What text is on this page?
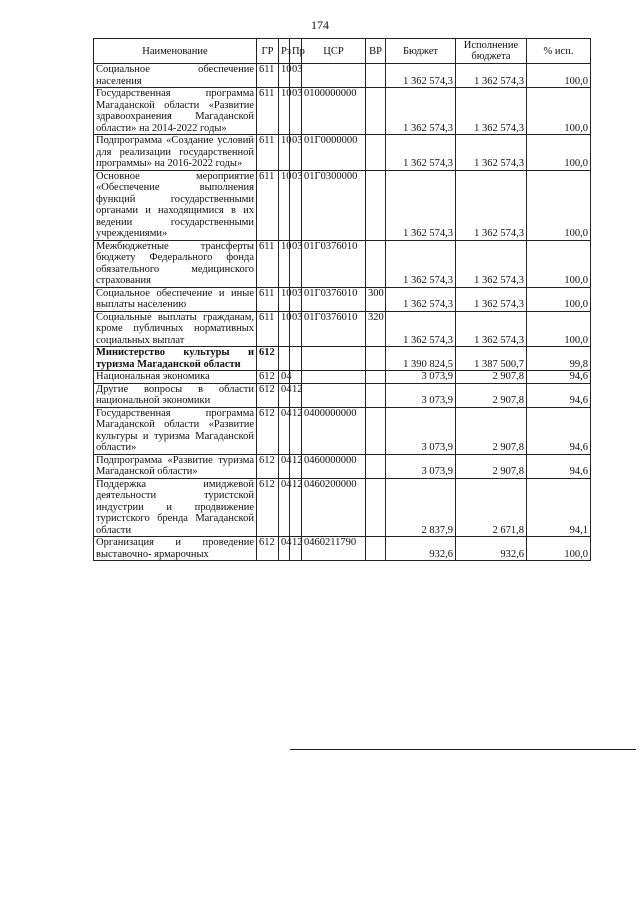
174
Наименование	ГР	Рз	Пр	ЦСР	ВР	Бюджет	Исполнение бюджета	% исп.
Социальное обеспечение населения	611	10	03			1 362 574,3	1 362 574,3	100,0
Государственная программа Магаданской области «Развитие здравоохранения Магаданской области» на 2014-2022 годы»	611	10	03	0100000000		1 362 574,3	1 362 574,3	100,0
Подпрограмма «Создание условий для реализации государственной программы» на 2016-2022 годы»	611	10	03	01Г0000000		1 362 574,3	1 362 574,3	100,0
Основное мероприятие «Обеспечение выполнения функций государственными органами и находящимися в их ведении государственными учреждениями»	611	10	03	01Г0300000		1 362 574,3	1 362 574,3	100,0
Межбюджетные трансферты бюджету Федерального фонда обязательного медицинского страхования	611	10	03	01Г0376010		1 362 574,3	1 362 574,3	100,0
Социальное обеспечение и иные выплаты населению	611	10	03	01Г0376010	300	1 362 574,3	1 362 574,3	100,0
Социальные выплаты гражданам, кроме публичных нормативных социальных выплат	611	10	03	01Г0376010	320	1 362 574,3	1 362 574,3	100,0
Министерство культуры и туризма Магаданской области	612					1 390 824,5	1 387 500,7	99,8
Национальная экономика	612	04				3 073,9	2 907,8	94,6
Другие вопросы в области национальной экономики	612	04	12			3 073,9	2 907,8	94,6
Государственная программа Магаданской области «Развитие культуры и туризма Магаданской области»	612	04	12	0400000000		3 073,9	2 907,8	94,6
Подпрограмма «Развитие туризма Магаданской области»	612	04	12	0460000000		3 073,9	2 907,8	94,6
Поддержка имиджевой деятельности туристской индустрии и продвижение туристского бренда Магаданской области	612	04	12	0460200000		2 837,9	2 671,8	94,1
Организация и проведение выставочно- ярмарочных	612	04	12	0460211790		932,6	932,6	100,0
